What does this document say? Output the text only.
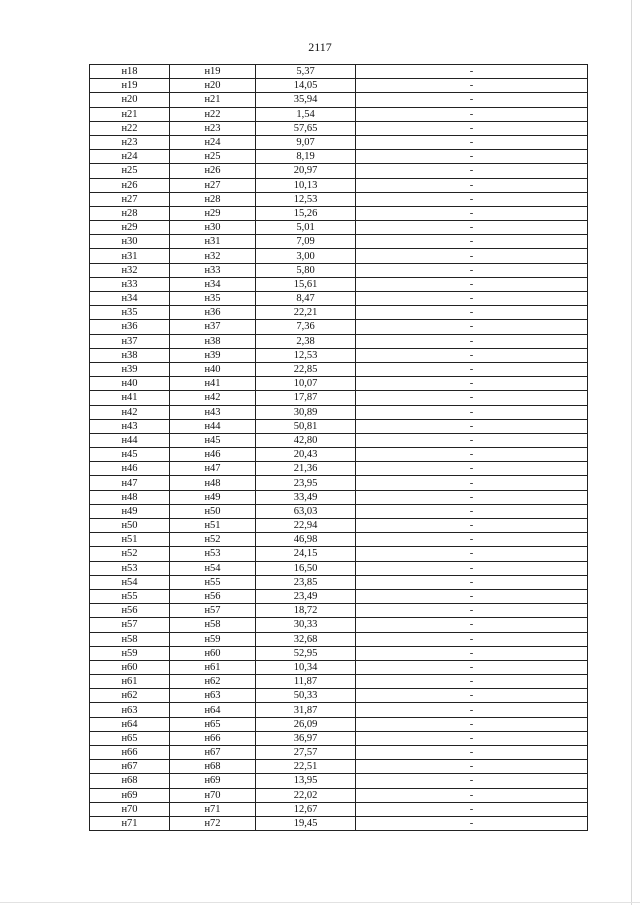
2117
н18	н19	5,37	-
н19	н20	14,05	-
н20	н21	35,94	-
н21	н22	1,54	-
н22	н23	57,65	-
н23	н24	9,07	-
н24	н25	8,19	-
н25	н26	20,97	-
н26	н27	10,13	-
н27	н28	12,53	-
н28	н29	15,26	-
н29	н30	5,01	-
н30	н31	7,09	-
н31	н32	3,00	-
н32	н33	5,80	-
н33	н34	15,61	-
н34	н35	8,47	-
н35	н36	22,21	-
н36	н37	7,36	-
н37	н38	2,38	-
н38	н39	12,53	-
н39	н40	22,85	-
н40	н41	10,07	-
н41	н42	17,87	-
н42	н43	30,89	-
н43	н44	50,81	-
н44	н45	42,80	-
н45	н46	20,43	-
н46	н47	21,36	-
н47	н48	23,95	-
н48	н49	33,49	-
н49	н50	63,03	-
н50	н51	22,94	-
н51	н52	46,98	-
н52	н53	24,15	-
н53	н54	16,50	-
н54	н55	23,85	-
н55	н56	23,49	-
н56	н57	18,72	-
н57	н58	30,33	-
н58	н59	32,68	-
н59	н60	52,95	-
н60	н61	10,34	-
н61	н62	11,87	-
н62	н63	50,33	-
н63	н64	31,87	-
н64	н65	26,09	-
н65	н66	36,97	-
н66	н67	27,57	-
н67	н68	22,51	-
н68	н69	13,95	-
н69	н70	22,02	-
н70	н71	12,67	-
н71	н72	19,45	-
